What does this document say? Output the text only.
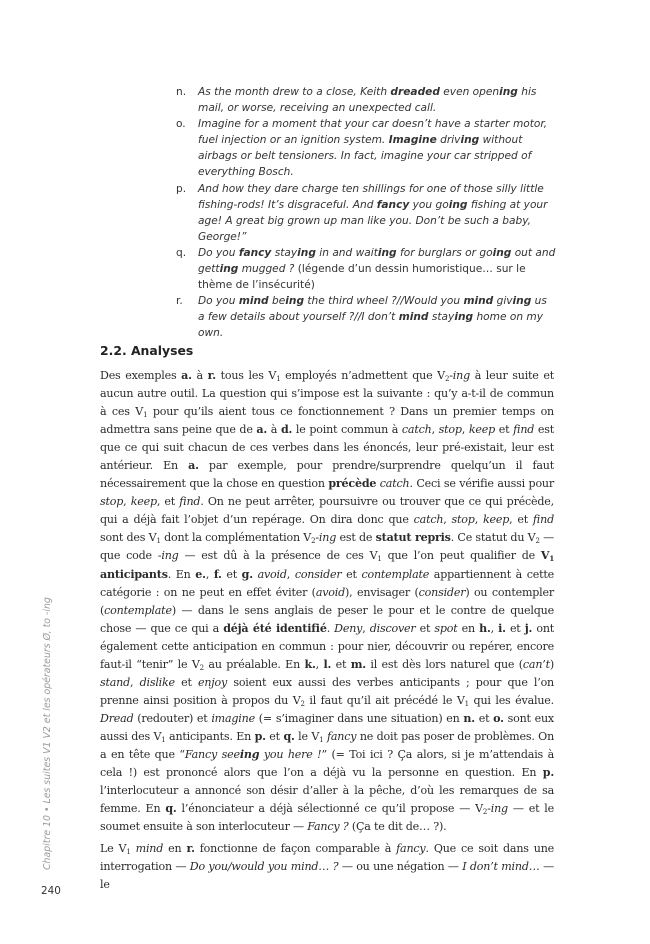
n.	As the month drew to a close, Keith dreaded even opening his mail, or worse, receiving an unexpected call.
o.	Imagine for a moment that your car doesn’t have a starter motor, fuel injection or an ignition system. Imagine driving without airbags or belt tensioners. In fact, imagine your car stripped of everything Bosch.
p.	And how they dare charge ten shillings for one of those silly little fishing-rods! It’s disgraceful. And fancy you going fishing at your age! A great big grown up man like you. Don’t be such a baby, George!”
q.	Do you fancy staying in and waiting for burglars or going out and getting mugged ? (légende d’un dessin humoristique… sur le thème de l’insécurité)
r.	Do you mind being the third wheel ?//Would you mind giving us a few details about yourself ?//I don’t mind staying home on my own.
2.2. Analyses

Des exemples a. à r. tous les $V_1$ employés n’admettent que $V_2$-ing à leur suite et aucun autre outil. La question qui s’impose est la suivante : qu’y a-t-il de commun à ces $V_1$ pour qu’ils aient tous ce fonctionnement ? Dans un premier temps on admettra sans peine que de a. à d. le point commun à catch, stop, keep et find est que ce qui suit chacun de ces verbes dans les énoncés, leur pré-existait, leur est antérieur. En a. par exemple, pour prendre/surprendre quelqu’un il faut nécessairement que la chose en question précède catch. Ceci se vérifie aussi pour stop, keep, et find. On ne peut arrêter, poursuivre ou trouver que ce qui précède, qui a déjà fait l’objet d’un repérage. On dira donc que catch, stop, keep, et find sont des $V_1$ dont la complémentation $V_2$-ing est de statut repris. Ce statut du $V_2$ — que code -ing — est dû à la présence de ces $V_1$ que l’on peut qualifier de $V_1$ anticipants. En e., f. et g. avoid, consider et contemplate appartiennent à cette catégorie : on ne peut en effet éviter (avoid), envisager (consider) ou contempler (contemplate) — dans le sens anglais de peser le pour et le contre de quelque chose — que ce qui a déjà été identifié. Deny, discover et spot en h., i. et j. ont également cette anticipation en commun : pour nier, découvrir ou repérer, encore faut-il “tenir” le $V_2$ au préalable. En k., l. et m. il est dès lors naturel que (can’t) stand, dislike et enjoy soient eux aussi des verbes anticipants ; pour que l’on prenne ainsi position à propos du $V_2$ il faut qu’il ait précédé le $V_1$ qui les évalue. Dread (redouter) et imagine (= s’imaginer dans une situation) en n. et o. sont eux aussi des $V_1$ anticipants. En p. et q. le $V_1$ fancy ne doit pas poser de problèmes. On a en tête que “Fancy seeing you here !” (= Toi ici ? Ça alors, si je m’attendais à cela !) est prononcé alors que l’on a déjà vu la personne en question. En p. l’interlocuteur a annoncé son désir d’aller à la pêche, d’où les remarques de sa femme. En q. l’énonciateur a déjà sélectionné ce qu’il propose — $V_2$-ing — et le soumet ensuite à son interlocuteur — Fancy ? (Ça te dit de… ?).

Le $V_1$ mind en r. fonctionne de façon comparable à fancy. Que ce soit dans une interrogation — Do you/would you mind… ? — ou une négation — I don’t mind… — le

Chapitre 10 • Les suites V1 V2 et les opérateurs Ø, to -ing
240
